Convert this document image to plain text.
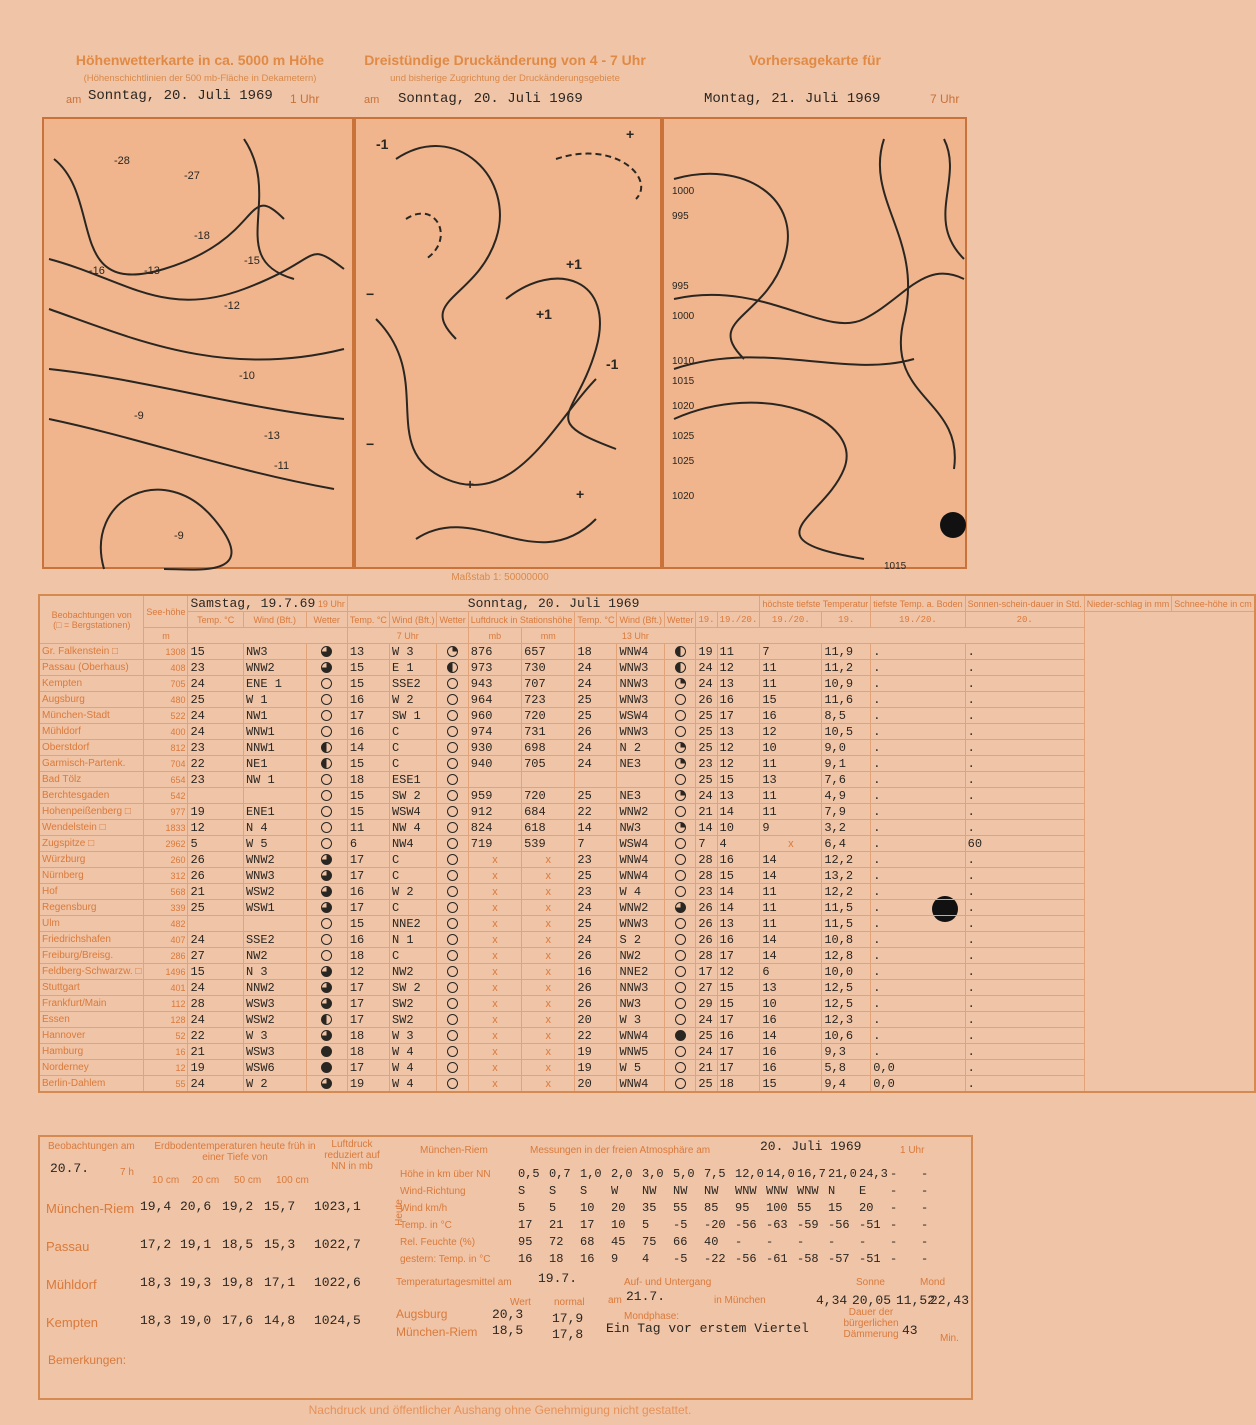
Höhenwetterkarte in ca. 5000 m Höhe
(Höhenschichtlinien der 500 mb-Fläche in Dekametern)
am Sonntag, 20. Juli 1969 1 Uhr
Dreistündige Druckänderung von 4 - 7 Uhr
und bisherige Zugrichtung der Druckänderungsgebiete
am Sonntag, 20. Juli 1969
Vorhersagekarte für
Montag, 21. Juli 1969	7 Uhr
-28
-27
-18
-16	-13
-15
-12
-10
-9
-13
-11
-9
-1
+
+1
+1
−
+
+
−
-1
1000
995
995
1000
1010
1015
1020
1025
1025
1020
1015
Maßstab 1: 50000000
Beobachtungen von
(□ = Bergstationen)	See-höhe	Samstag, 19.7.69 19 Uhr			Sonntag, 20. Juli 1969										höchste tiefste Temperatur		tiefste Temp. a. Boden	Sonnen-schein-dauer in Std.	Nieder-schlag in mm	Schnee-höhe in cm
		Temp. °C	Wind (Bft.)	Wetter	Temp. °C	Wind (Bft.)	Wetter	Luftdruck in Stationshöhe		Temp. °C	Wind (Bft.)	Wetter	19.	19./20.	19./20.	19.	19./20.	20.		
	m				7 Uhr			mb	mm	13 Uhr										
Gr. Falkenstein □	1308	15	NW3		13	W 3		876	657	18	WNW4		19	11	7	11,9	.	.		
Passau (Oberhaus)	408	23	WNW2		15	E 1		973	730	24	WNW3		24	12	11	11,2	.	.		
Kempten	705	24	ENE 1		15	SSE2		943	707	24	NNW3		24	13	11	10,9	.	.		
Augsburg	480	25	W 1		16	W 2		964	723	25	WNW3		26	16	15	11,6	.	.		
München-Stadt	522	24	NW1		17	SW 1		960	720	25	WSW4		25	17	16	8,5	.	.		
Mühldorf	400	24	WNW1		16	C		974	731	26	WNW3		25	13	12	10,5	.	.		
Oberstdorf	812	23	NNW1		14	C		930	698	24	N 2		25	12	10	9,0	.	.		
Garmisch-Partenk.	704	22	NE1		15	C		940	705	24	NE3		23	12	11	9,1	.	.		
Bad Tölz	654	23	NW 1		18	ESE1							25	15	13	7,6	.	.		
Berchtesgaden	542				15	SW 2		959	720	25	NE3		24	13	11	4,9	.	.		
Hohenpeißenberg □	977	19	ENE1		15	WSW4		912	684	22	WNW2		21	14	11	7,9	.	.		
Wendelstein □	1833	12	N 4		11	NW 4		824	618	14	NW3		14	10	9	3,2	.	.		
Zugspitze □	2962	5	W 5		6	NW4		719	539	7	WSW4		7	4	x	6,4	.	60		
Würzburg	260	26	WNW2		17	C		x	x	23	WNW4		28	16	14	12,2	.	.		
Nürnberg	312	26	WNW3		17	C		x	x	25	WNW4		28	15	14	13,2	.	.		
Hof	568	21	WSW2		16	W 2		x	x	23	W 4		23	14	11	12,2	.	.		
Regensburg	339	25	WSW1		17	C		x	x	24	WNW2		26	14	11	11,5	.	.		
Ulm	482				15	NNE2		x	x	25	WNW3		26	13	11	11,5	.	.		
Friedrichshafen	407	24	SSE2		16	N 1		x	x	24	S 2		26	16	14	10,8	.	.		
Freiburg/Breisg.	286	27	NW2		18	C		x	x	26	NW2		28	17	14	12,8	.	.		
Feldberg-Schwarzw. □	1496	15	N 3		12	NW2		x	x	16	NNE2		17	12	6	10,0	.	.		
Stuttgart	401	24	NNW2		17	SW 2		x	x	26	NNW3		27	15	13	12,5	.	.		
Frankfurt/Main	112	28	WSW3		17	SW2		x	x	26	NW3		29	15	10	12,5	.	.		
Essen	128	24	WSW2		17	SW2		x	x	20	W 3		24	17	16	12,3	.	.		
Hannover	52	22	W 3		18	W 3		x	x	22	WNW4		25	16	14	10,6	.	.		
Hamburg	16	21	WSW3		18	W 4		x	x	19	WNW5		24	17	16	9,3	.	.		
Norderney	12	19	WSW6		17	W 4		x	x	19	W 5		21	17	16	5,8	0,0	.		
Berlin-Dahlem	55	24	W 2		19	W 4		x	x	20	WNW4		25	18	15	9,4	0,0	.		
Beobachtungen am
20.7.	7 h
Erdbodentemperaturen heute früh in einer Tiefe von
10 cm 20 cm 50 cm 100 cm
Luftdruck reduziert auf NN in mb
München-Riem 19,4 20,6 19,2 15,7 1023,1
Passau	17,2 19,1 18,5 15,3 1022,7
Mühldorf	18,3 19,3 19,8 17,1 1022,6
Kempten	18,3 19,0 17,6 14,8 1024,5
München-Riem	Messungen in der freien Atmosphäre am	20. Juli 1969	1 Uhr
Heute
Höhe in km über NN 0,5 0,7 1,0 2,0 3,0 5,0 7,5 12,0 14,0 16,7 21,0 24,3 - -
Wind-Richtung	S S S W NW NW NW WNW WNW WNW N E - -
Wind km/h	5 5 10 20 35 55 85 95 100 55 15 20 - -
Temp. in °C	17 21 17 10 5 -5 -20 -56 -63 -59 -56 -51 - -
Rel. Feuchte (%)	95 72 68 45 75 66 40 - - - - - - -
gestern: Temp. in °C 16 18 16 9 4 -5 -22 -56 -61 -58 -57 -51 - -
Temperaturtagesmittel am 19.7.
Wert normal
Augsburg	20,3 17,9
München-Riem 18,5 17,8
Auf- und Untergang
am 21.7.	in München
Sonne	Mond
4,34 20,05 11,52
22,43
Mondphase:
Ein Tag vor erstem Viertel
Dauer der bürgerlichen Dämmerung 43
Min.
Bemerkungen:
Nachdruck und öffentlicher Aushang ohne Genehmigung nicht gestattet.
